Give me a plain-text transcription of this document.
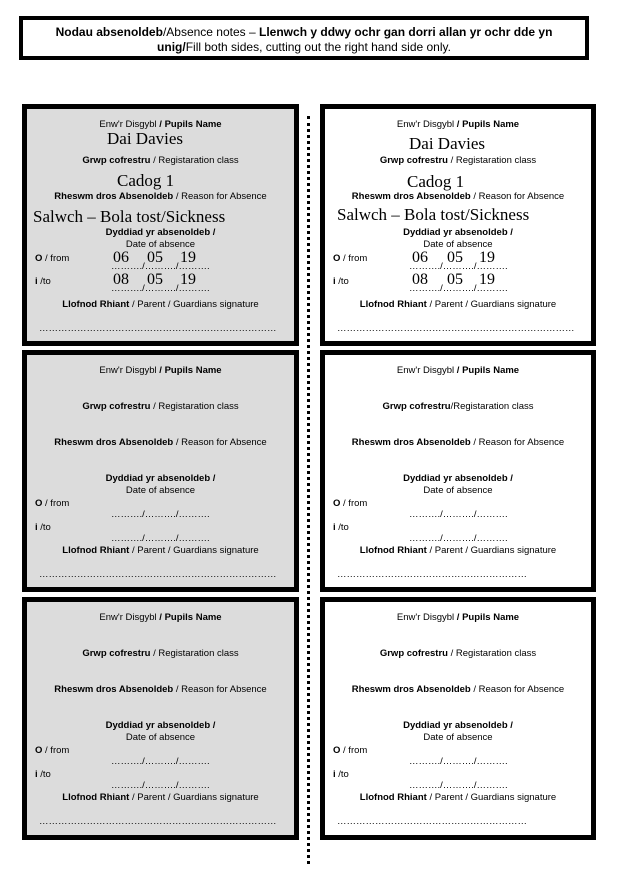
Nodau absenoldeb/Absence notes – Llenwch y ddwy ochr gan dorri allan yr ochr dde yn unig/Fill both sides, cutting out the right hand side only.
Enw'r Disgybl / Pupils Name
Dai Davies
Grwp cofrestru / Registaration class
Cadog 1
Rheswm dros Absenoldeb / Reason for Absence
Salwch – Bola tost/Sickness
Dyddiad yr absenoldeb /
Date of absence
O / from	06 05 19
………./………./……….
i /to	08 05 19
………./………./……….
Llofnod Rhiant / Parent / Guardians signature
…………………………………………………………………
Enw'r Disgybl / Pupils Name
Dai Davies
Grwp cofrestru / Registaration class
Cadog 1
Rheswm dros Absenoldeb / Reason for Absence
Salwch – Bola tost/Sickness
Dyddiad yr absenoldeb /
Date of absence
O / from	06 05 19
………./………./……….
i /to	08 05 19
………./………./……….
Llofnod Rhiant / Parent / Guardians signature
…………………………………………………………………
Enw'r Disgybl / Pupils Name
Grwp cofrestru / Registaration class
Rheswm dros Absenoldeb / Reason for Absence
Dyddiad yr absenoldeb /
Date of absence
O / from
………./………./……….
i /to
………./………./……….
Llofnod Rhiant / Parent / Guardians signature
…………………………………………………………………
Enw'r Disgybl / Pupils Name
Grwp cofrestru/Registaration class
Rheswm dros Absenoldeb / Reason for Absence
Dyddiad yr absenoldeb /
Date of absence
O / from
………./………./……….
i /to
………./………./……….
Llofnod Rhiant / Parent / Guardians signature
……………………………………………………
Enw'r Disgybl / Pupils Name
Grwp cofrestru / Registaration class
Rheswm dros Absenoldeb / Reason for Absence
Dyddiad yr absenoldeb /
Date of absence
O / from
………./………./……….
i /to
………./………./……….
Llofnod Rhiant / Parent / Guardians signature
…………………………………………………………………
Enw'r Disgybl / Pupils Name
Grwp cofrestru / Registaration class
Rheswm dros Absenoldeb / Reason for Absence
Dyddiad yr absenoldeb /
Date of absence
O / from
………./………./……….
i /to
………./………./……….
Llofnod Rhiant / Parent / Guardians signature
……………………………………………………
